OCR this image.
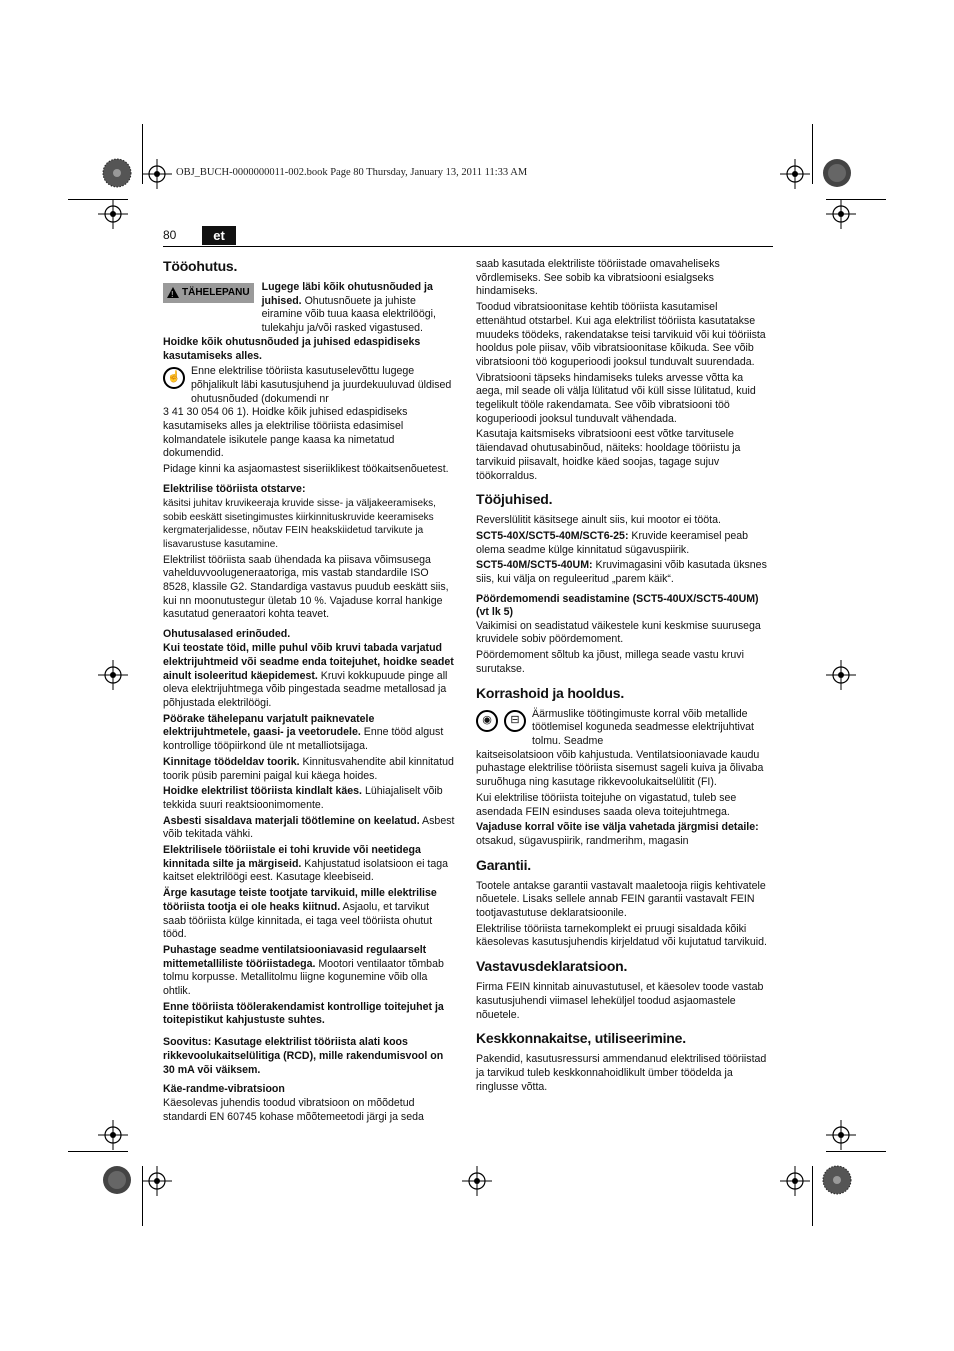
OBJ_BUCH-0000000011-002.book Page 80 Thursday, January 13, 2011 11:33 AM
80	et
Tööohutus.
!
TÄHELEPANU Lugege läbi kõik ohutusnõuded ja juhised. Ohutusnõuete ja juhiste eiramine võib tuua kaasa elektrilöögi, tulekahju ja/või rasked vigastused.

Hoidke kõik ohutusnõuded ja juhised edaspidiseks kasutamiseks alles.

☝

Enne elektrilise tööriista kasutuselevõttu lugege põhjalikult läbi kasutusjuhend ja juurdekuuluvad üldised ohutusnõuded (dokumendi nr

3 41 30 054 06 1). Hoidke kõik juhised edaspidiseks kasutamiseks alles ja elektrilise tööriista edasimisel kolmandatele isikutele pange kaasa ka nimetatud dokumendid.

Pidage kinni ka asjaomastest siseriiklikest töökaitsenõuetest.

Elektrilise tööriista otstarve:

käsitsi juhitav kruvikeeraja kruvide sisse- ja väljakeeramiseks, sobib eeskätt sisetingimustes kiirkinnituskruvide keeramiseks kergmaterjalidesse, nõutav FEIN heakskiidetud tarvikute ja lisavarustuse kasutamine.

Elektrilist tööriista saab ühendada ka piisava võimsusega vahelduvvoolugeneraatoriga, mis vastab standardile ISO 8528, klassile G2. Standardiga vastavus puudub eeskätt siis, kui nn moonutustegur ületab 10 %. Vajaduse korral hankige kasutatud generaatori kohta teavet.

Ohutusalased erinõuded.

Kui teostate töid, mille puhul võib kruvi tabada varjatud elektrijuhtmeid või seadme enda toitejuhet, hoidke seadet ainult isoleeritud käepidemest. Kruvi kokkupuude pinge all oleva elektrijuhtmega võib pingestada seadme metallosad ja põhjustada elektrilöögi.

Pöörake tähelepanu varjatult paiknevatele elektrijuhtmetele, gaasi- ja veetorudele. Enne tööd algust kontrollige tööpiirkond üle nt metalliotsijaga.

Kinnitage töödeldav toorik. Kinnitusvahendite abil kinnitatud toorik püsib paremini paigal kui käega hoides.

Hoidke elektrilist tööriista kindlalt käes. Lühiajaliselt võib tekkida suuri reaktsioonimomente.

Asbesti sisaldava materjali töötlemine on keelatud. Asbest võib tekitada vähki.

Elektrilisele tööriistale ei tohi kruvide või neetidega kinnitada silte ja märgiseid. Kahjustatud isolatsioon ei taga kaitset elektrilöögi eest. Kasutage kleebiseid.

Ärge kasutage teiste tootjate tarvikuid, mille elektrilise tööriista tootja ei ole heaks kiitnud. Asjaolu, et tarvikut saab tööriista külge kinnitada, ei taga veel tööriista ohutut tööd.

Puhastage seadme ventilatsiooniavasid regulaarselt mittemetalliliste tööriistadega. Mootori ventilaator tõmbab tolmu korpusse. Metallitolmu liigne kogunemine võib olla ohtlik.

Enne tööriista töölerakendamist kontrollige toitejuhet ja toitepistikut kahjustuste suhtes.

Soovitus: Kasutage elektrilist tööriista alati koos rikkevoolukaitselülitiga (RCD), mille rakendumisvool on 30 mA või väiksem.

Käe-randme-vibratsioon

Käesolevas juhendis toodud vibratsioon on mõõdetud standardi EN 60745 kohase mõõtemeetodi järgi ja seda

saab kasutada elektriliste tööriistade omavaheliseks võrdlemiseks. See sobib ka vibratsiooni esialgseks hindamiseks.

Toodud vibratsioonitase kehtib tööriista kasutamisel ettenähtud otstarbel. Kui aga elektrilist tööriista kasutatakse muudeks töödeks, rakendatakse teisi tarvikuid või kui tööriista hooldus pole piisav, võib vibratsioonitase kõikuda. See võib vibratsiooni töö koguperioodi jooksul tunduvalt suurendada.

Vibratsiooni täpseks hindamiseks tuleks arvesse võtta ka aega, mil seade oli välja lülitatud või küll sisse lülitatud, kuid tegelikult tööle rakendamata. See võib vibratsiooni töö koguperioodi jooksul tunduvalt vähendada.

Kasutaja kaitsmiseks vibratsiooni eest võtke tarvitusele täiendavad ohutusabinõud, näiteks: hooldage tööriistu ja tarvikuid piisavalt, hoidke käed soojas, tagage sujuv töökorraldus.

Tööjuhised.

Reverslülitit käsitsege ainult siis, kui mootor ei tööta.

SCT5-40X/SCT5-40M/SCT6-25: Kruvide keeramisel peab olema seadme külge kinnitatud sügavuspiirik.

SCT5-40M/SCT5-40UM: Kruvimagasini võib kasutada üksnes siis, kui välja on reguleeritud „parem käik“.

Pöördemomendi seadistamine (SCT5-40UX/SCT5-40UM) (vt lk 5)

Vaikimisi on seadistatud väikestele kuni keskmise suurusega kruvidele sobiv pöördemoment.

Pöördemoment sõltub ka jõust, millega seade vastu kruvi surutakse.

Korrashoid ja hooldus.
◉	⊟

Äärmuslike töötingimuste korral võib metallide töötlemisel koguneda seadmesse elektrijuhtivat tolmu. Seadme

kaitseisolatsioon võib kahjustuda. Ventilatsiooniavade kaudu puhastage elektrilise tööriista sisemust sageli kuiva ja õlivaba suruõhuga ning kasutage rikkevoolukaitselülitit (FI).

Kui elektrilise tööriista toitejuhe on vigastatud, tuleb see asendada FEIN esinduses saada oleva toitejuhtmega.

Vajaduse korral võite ise välja vahetada järgmisi detaile: otsakud, sügavuspiirik, randmerihm, magasin

Garantii.

Tootele antakse garantii vastavalt maaletooja riigis kehtivatele nõuetele. Lisaks sellele annab FEIN garantii vastavalt FEIN tootjavastutuse deklaratsioonile.

Elektrilise tööriista tarnekomplekt ei pruugi sisaldada kõiki käesolevas kasutusjuhendis kirjeldatud või kujutatud tarvikuid.

Vastavusdeklaratsioon.

Firma FEIN kinnitab ainuvastutusel, et käesolev toode vastab kasutusjuhendi viimasel leheküljel toodud asjaomastele nõuetele.

Keskkonnakaitse, utiliseerimine.

Pakendid, kasutusressursi ammendanud elektrilised tööriistad ja tarvikud tuleb keskkonnahoidlikult ümber töödelda ja ringlusse võtta.
